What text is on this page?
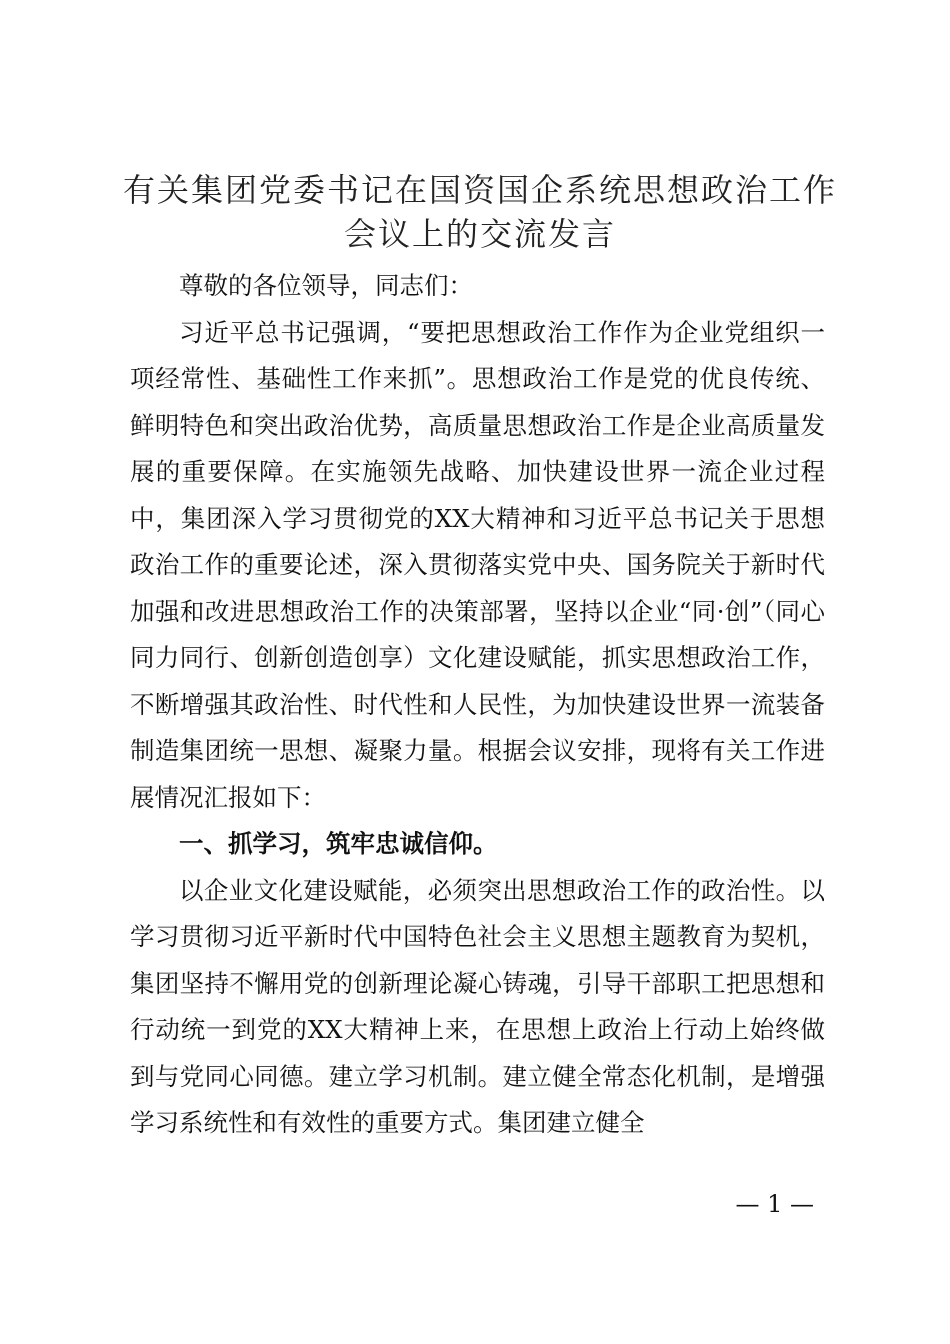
有关集团党委书记在国资国企系统思想政治工作会议上的交流发言

尊敬的各位领导，同志们：

习近平总书记强调，“要把思想政治工作作为企业党组织一项经常性、基础性工作来抓”。思想政治工作是党的优良传统、鲜明特色和突出政治优势，高质量思想政治工作是企业高质量发展的重要保障。在实施领先战略、加快建设世界一流企业过程中，集团深入学习贯彻党的XX大精神和习近平总书记关于思想政治工作的重要论述，深入贯彻落实党中央、国务院关于新时代加强和改进思想政治工作的决策部署，坚持以企业“同·创”（同心同力同行、创新创造创享）文化建设赋能，抓实思想政治工作，不断增强其政治性、时代性和人民性，为加快建设世界一流装备制造集团统一思想、凝聚力量。根据会议安排，现将有关工作进展情况汇报如下：

一、抓学习，筑牢忠诚信仰。

以企业文化建设赋能，必须突出思想政治工作的政治性。以学习贯彻习近平新时代中国特色社会主义思想主题教育为契机，集团坚持不懈用党的创新理论凝心铸魂，引导干部职工把思想和行动统一到党的XX大精神上来，在思想上政治上行动上始终做到与党同心同德。建立学习机制。建立健全常态化机制，是增强学习系统性和有效性的重要方式。集团建立健全

— 1 —
